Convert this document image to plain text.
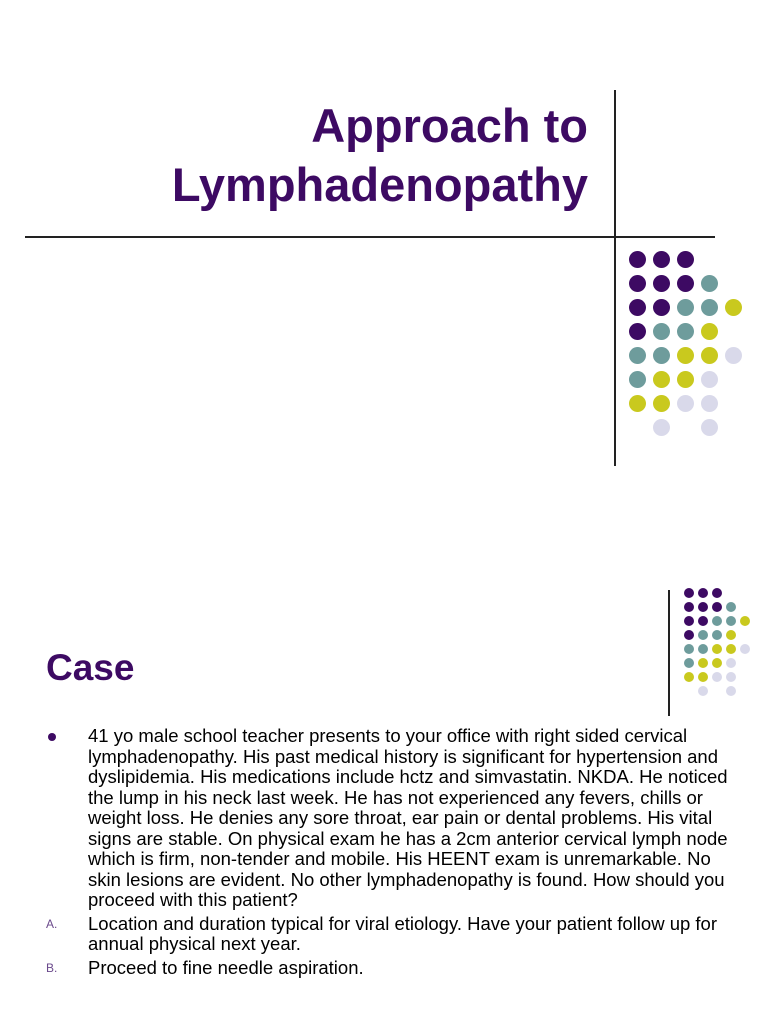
Approach to
Lymphadenopathy
Case
41 yo male school teacher presents to your office with right sided cervical lymphadenopathy. His past medical history is significant for hypertension and dyslipidemia. His medications include hctz and simvastatin. NKDA. He noticed the lump in his neck last week. He has not experienced any fevers, chills or weight loss. He denies any sore throat, ear pain or dental problems. His vital signs are stable. On physical exam he has a 2cm anterior cervical lymph node which is firm, non-tender and mobile. His HEENT exam is unremarkable. No skin lesions are evident. No other lymphadenopathy is found. How should you proceed with this patient?
A. Location and duration typical for viral etiology. Have your patient follow up for annual physical next year.
B. Proceed to fine needle aspiration.
